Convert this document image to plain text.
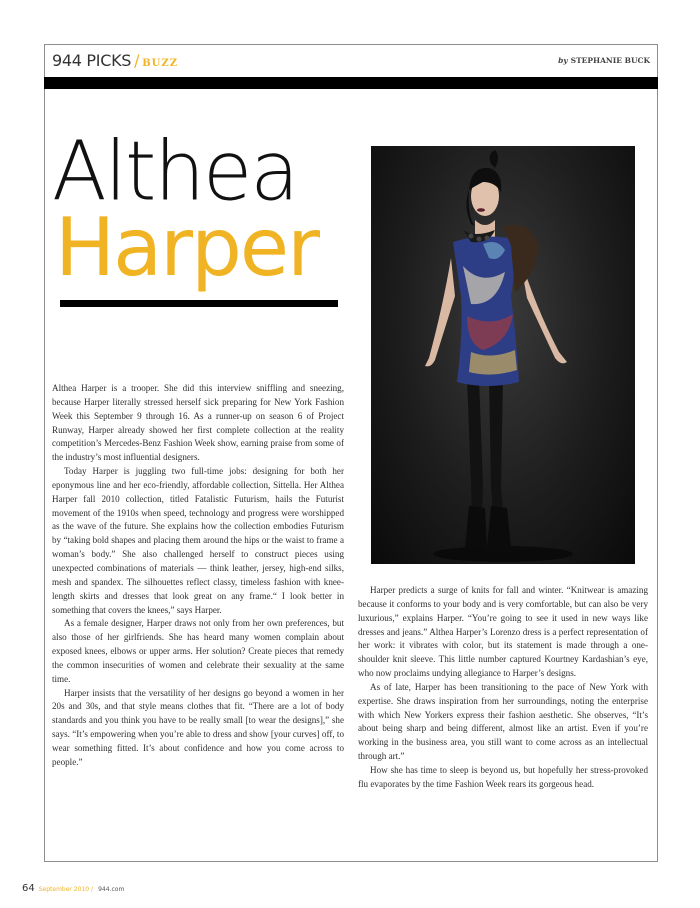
944 PICKS / BUZZ	by STEPHANIE BUCK
Althea
Harper

Althea Harper is a trooper. She did this interview sniffling and sneezing, because Harper literally stressed herself sick preparing for New York Fashion Week this September 9 through 16. As a runner-up on season 6 of Project Runway, Harper already showed her first complete collection at the reality competition’s Mercedes-Benz Fashion Week show, earning praise from some of the industry’s most influential designers.

Today Harper is juggling two full-time jobs: designing for both her eponymous line and her eco-friendly, affordable collection, Sittella. Her Althea Harper fall 2010 collection, titled Fatalistic Futurism, hails the Futurist movement of the 1910s when speed, technology and progress were worshipped as the wave of the future. She explains how the collection embodies Futurism by “taking bold shapes and placing them around the hips or the waist to frame a woman’s body.” She also challenged herself to construct pieces using unexpected combinations of materials — think leather, jersey, high-end silks, mesh and spandex. The silhouettes reflect classy, timeless fashion with knee-length skirts and dresses that look great on any frame.“ I look better in something that covers the knees,” says Harper.

As a female designer, Harper draws not only from her own preferences, but also those of her girlfriends. She has heard many women complain about exposed knees, elbows or upper arms. Her solution? Create pieces that remedy the common insecurities of women and celebrate their sexuality at the same time.

Harper insists that the versatility of her designs go beyond a women in her 20s and 30s, and that style means clothes that fit. “There are a lot of body standards and you think you have to be really small [to wear the designs],” she says. “It’s empowering when you’re able to dress and show [your curves] off, to wear something fitted. It’s about confidence and how you come across to people.”

Harper predicts a surge of knits for fall and winter. “Knitwear is amazing because it conforms to your body and is very comfortable, but can also be very luxurious,” explains Harper. “You’re going to see it used in new ways like dresses and jeans.” Althea Harper’s Lorenzo dress is a perfect representation of her work: it vibrates with color, but its statement is made through a one-shoulder knit sleeve. This little number captured Kourtney Kardashian’s eye, who now proclaims undying allegiance to Harper’s designs.

As of late, Harper has been transitioning to the pace of New York with expertise. She draws inspiration from her surroundings, noting the enterprise with which New Yorkers express their fashion aesthetic. She observes, “It’s about being sharp and being different, almost like an artist. Even if you’re working in the business area, you still want to come across as an intellectual through art.”

How she has time to sleep is beyond us, but hopefully her stress-provoked flu evaporates by the time Fashion Week rears its gorgeous head.

64 September 2010 / 944.com
